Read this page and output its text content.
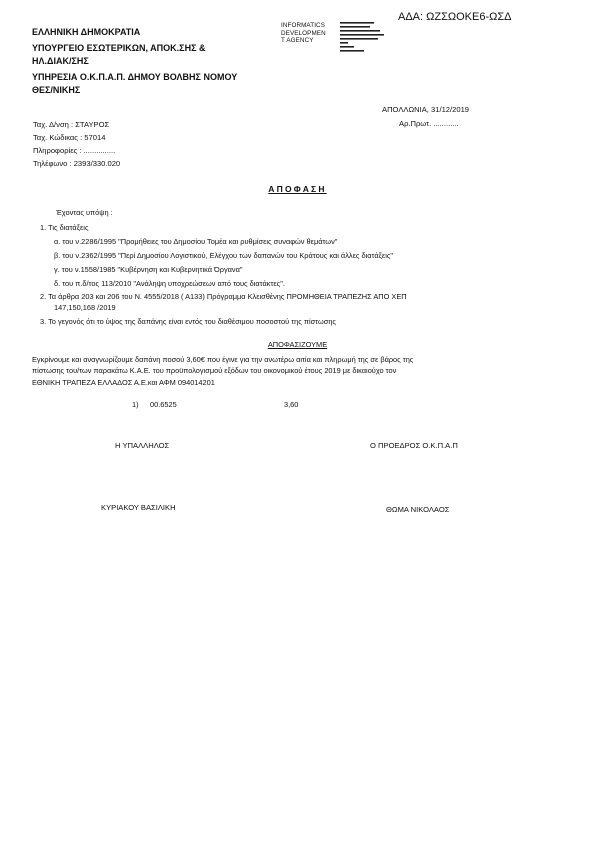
ΑΔΑ: ΩΖΣΩΟΚΕ6-ΩΣΔ
ΕΛΛΗΝΙΚΗ ΔΗΜΟΚΡΑΤΙΑ
ΥΠΟΥΡΓΕΙΟ ΕΣΩΤΕΡΙΚΩΝ, ΑΠΟΚ.ΣΗΣ &
ΗΛ.ΔΙΑΚ/ΣΗΣ
ΥΠΗΡΕΣΙΑ Ο.Κ.Π.Α.Π. ΔΗΜΟΥ ΒΟΛΒΗΣ ΝΟΜΟΥ
ΘΕΣ/ΝΙΚΗΣ
INFORMATICS
DEVELOPMEN
T AGENCY
ΑΠΟΛΛΩΝΙΑ, 31/12/2019
Αρ.Πρωτ. ............
Ταχ. Δ/νση : ΣΤΑΥΡΟΣ
Ταχ. Κώδικας : 57014
Πληροφορίες : ...............
Τηλέφωνο : 2393/330.020
ΑΠΟΦΑΣΗ
Έχοντας υπόψη :
1. Τις διατάξεις
α. του ν.2286/1995 "Προμήθειες του Δημοσίου Τομέα και ρυθμίσεις συναφών θεμάτων"
β. του ν.2362/1995 "Περί Δημοσίου Λογιστικού, Ελέγχου των δαπανών του Κράτους και άλλες διατάξεις"
γ. του ν.1558/1985 "Κυβέρνηση και Κυβερνητικά Όργανα"
δ. του π.δ/τος 113/2010 "Ανάληψη υποχρεώσεων από τους διατάκτες".
2. Τα άρθρα 203 και 206 του Ν. 4555/2018 ( Α133) Πρόγραμμα Κλεισθένης ΠΡΟΜΗΘΕΙΑ ΤΡΑΠΕΖΗΣ ΑΠΟ ΧΕΠ
147,150,168 /2019
3. Το γεγονός ότι το ύψος της δαπάνης είναι εντός του διαθέσιμου ποσοστού της πίστωσης
ΑΠΟΦΑΣΙΖΟΥΜΕ
Εγκρίνουμε και αναγνωρίζουμε δαπάνη ποσού 3,60€ που έγινε για την ανωτέρω αιτία και πληρωμή της σε βάρος της
πίστωσης του/των παρακάτω Κ.Α.Ε. του προϋπολογισμού εξόδων του οικονομικού έτους 2019 με δικαιούχο τον
ΕΘΝΙΚΗ ΤΡΑΠΕΖΑ ΕΛΛΑΔΟΣ Α.Ε.και ΑΦΜ 094014201
1) 00.6525	3,60
Η ΥΠΑΛΛΗΛΟΣ	Ο ΠΡΟΕΔΡΟΣ Ο.Κ.Π.Α.Π
ΚΥΡΙΑΚΟΥ ΒΑΣΙΛΙΚΗ	ΘΩΜΑ ΝΙΚΟΛΑΟΣ
